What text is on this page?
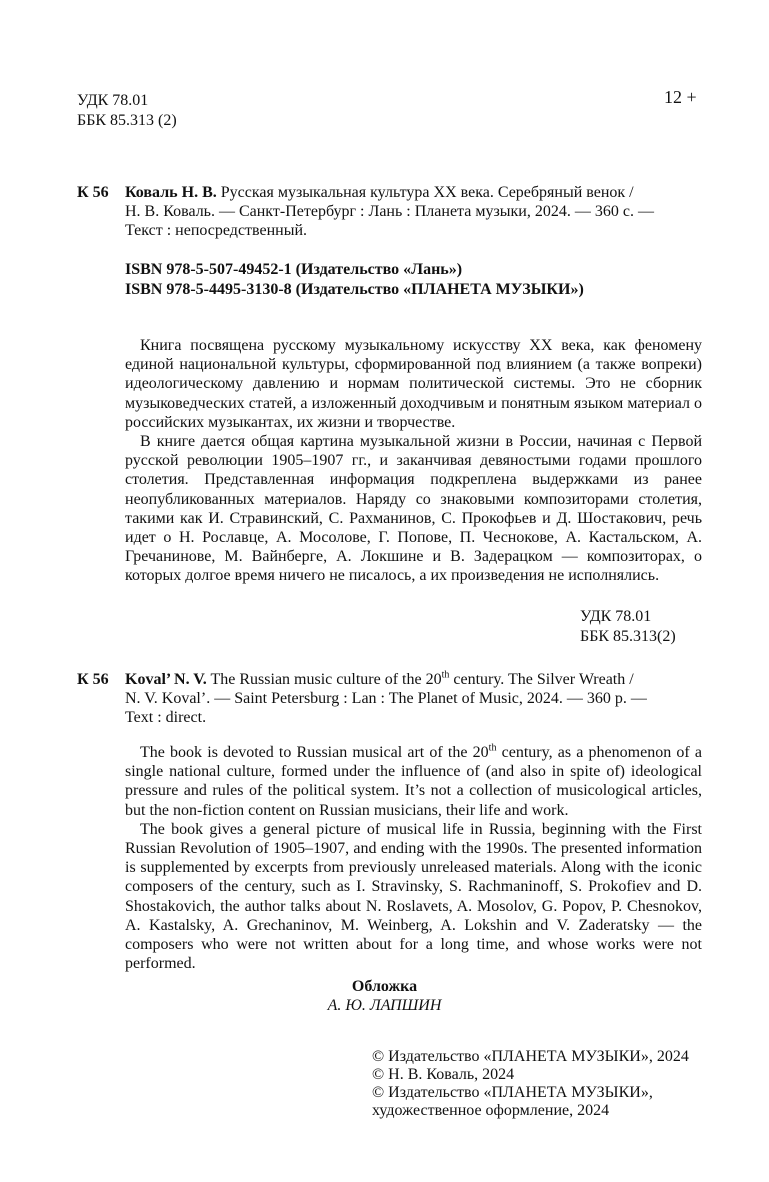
УДК 78.01
ББК 85.313 (2)
12 +
К 56 Коваль Н. В. Русская музыкальная культура XX века. Серебряный венок /
Н. В. Коваль. — Санкт-Петербург : Лань : Планета музыки, 2024. — 360 с. —
Текст : непосредственный.
ISBN 978-5-507-49452-1 (Издательство «Лань»)
ISBN 978-5-4495-3130-8 (Издательство «ПЛАНЕТА МУЗЫКИ»)

Книга посвящена русскому музыкальному искусству XX века, как феномену единой национальной культуры, сформированной под влиянием (а также вопреки) идеологическому давлению и нормам политической системы. Это не сборник музыковедческих статей, а изложенный доходчивым и понятным языком материал о российских музыкантах, их жизни и творчестве.

В книге дается общая картина музыкальной жизни в России, начиная с Первой русской революции 1905–1907 гг., и заканчивая девяностыми годами прошлого столетия. Представленная информация подкреплена выдержками из ранее неопубликованных материалов. Наряду со знаковыми композиторами столетия, такими как И. Стравинский, С. Рахманинов, С. Прокофьев и Д. Шостакович, речь идет о Н. Рославце, А. Мосолове, Г. Попове, П. Чеснокове, А. Кастальском, А. Гречанинове, М. Вайнберге, А. Локшине и В. Задерацком — композиторах, о которых долгое время ничего не писалось, а их произведения не исполнялись.

УДК 78.01
ББК 85.313(2)
К 56 Koval’ N. V. The Russian music culture of the 20th century. The Silver Wreath /
N. V. Koval’. — Saint Petersburg : Lan : The Planet of Music, 2024. — 360 p. —
Text : direct.

The book is devoted to Russian musical art of the 20th century, as a phenomenon of a single national culture, formed under the influence of (and also in spite of) ideological pressure and rules of the political system. It’s not a collection of musicological articles, but the non-fiction content on Russian musicians, their life and work.

The book gives a general picture of musical life in Russia, beginning with the First Russian Revolution of 1905–1907, and ending with the 1990s. The presented information is supplemented by excerpts from previously unreleased materials. Along with the iconic composers of the century, such as I. Stravinsky, S. Rachmaninoff, S. Prokofiev and D. Shostakovich, the author talks about N. Roslavets, A. Mosolov, G. Popov, P. Chesnokov, A. Kastalsky, A. Grechaninov, M. Weinberg, A. Lokshin and V. Zaderatsky — the composers who were not written about for a long time, and whose works were not performed.

Обложка
А. Ю. ЛАПШИН
© Издательство «ПЛАНЕТА МУЗЫКИ», 2024
© Н. В. Коваль, 2024
© Издательство «ПЛАНЕТА МУЗЫКИ»,
художественное оформление, 2024
